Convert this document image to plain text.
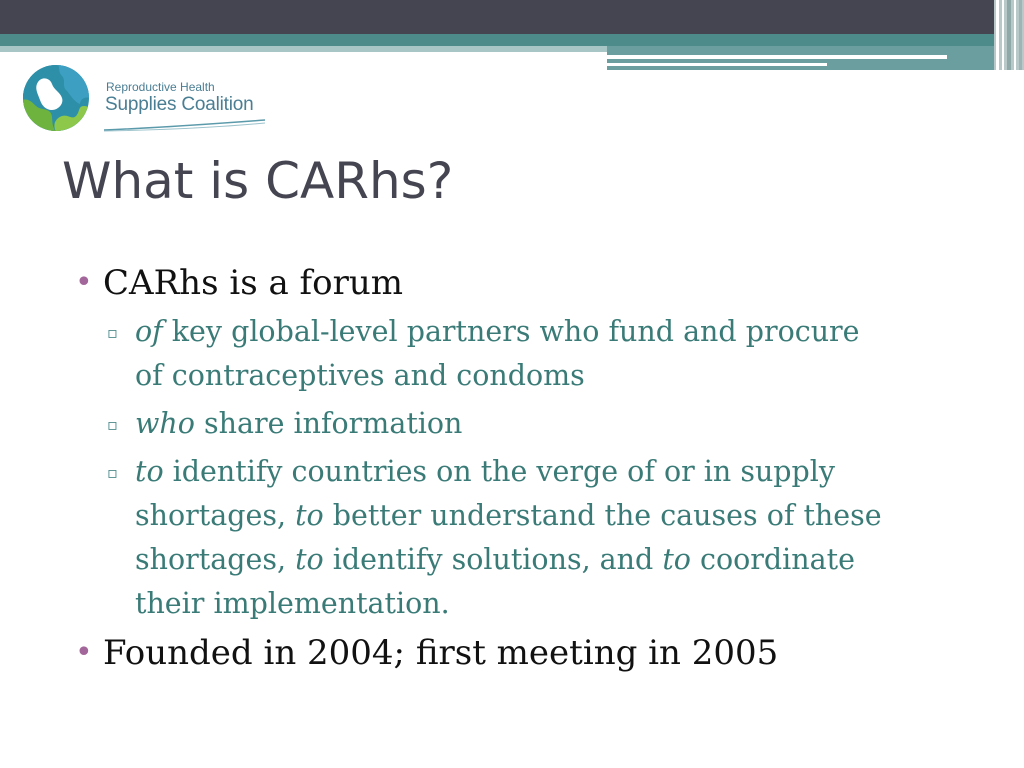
Reproductive Health
Supplies Coalition
What is CARhs?
• CARhs is a forum
▫ of key global-level partners who fund and procure
of contraceptives and condoms
▫ who share information
▫ to identify countries on the verge of or in supply
shortages, to better understand the causes of these
shortages, to identify solutions, and to coordinate
their implementation.
• Founded in 2004; first meeting in 2005
